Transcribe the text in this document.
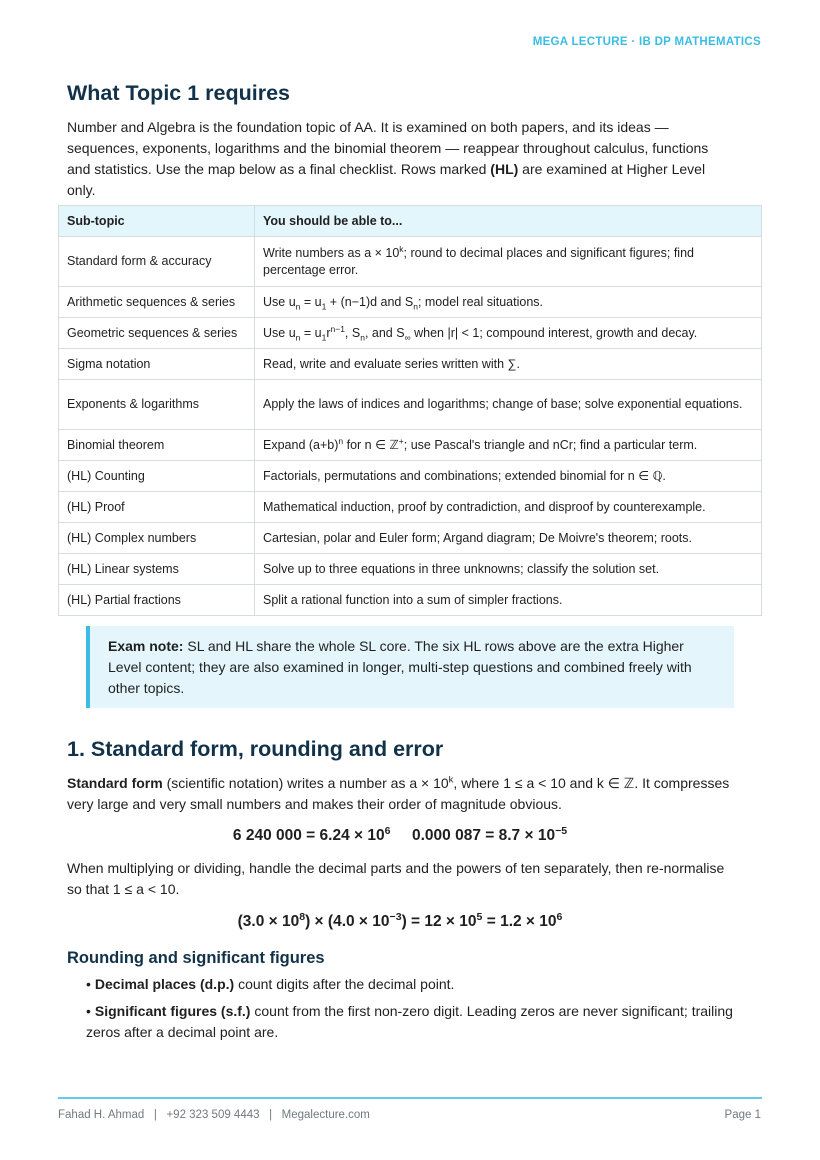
MEGA LECTURE · IB DP MATHEMATICS
What Topic 1 requires

Number and Algebra is the foundation topic of AA. It is examined on both papers, and its ideas — sequences, exponents, logarithms and the binomial theorem — reappear throughout calculus, functions and statistics. Use the map below as a final checklist. Rows marked (HL) are examined at Higher Level only.

Sub-topic	You should be able to...
Standard form & accuracy	Write numbers as $a \times 10^k$; round to decimal places and significant figures; find percentage error.
Arithmetic sequences & series	Use $u_n = u_1 + (n-1)d$ and $S_n$; model real situations.
Geometric sequences & series	Use $u_n = u_1r^{n-1}$, $S_n$, and $S_\infty$ when |r| < 1; compound interest, growth and decay.
Sigma notation	Read, write and evaluate series written with ∑.
Exponents & logarithms	Apply the laws of indices and logarithms; change of base; solve exponential equations.
Binomial theorem	Expand $(a+b)^n$ for n ∈ ℤ+; use Pascal's triangle and nCr; find a particular term.
(HL) Counting	Factorials, permutations and combinations; extended binomial for n ∈ ℚ.
(HL) Proof	Mathematical induction, proof by contradiction, and disproof by counterexample.
(HL) Complex numbers	Cartesian, polar and Euler form; Argand diagram; De Moivre's theorem; roots.
(HL) Linear systems	Solve up to three equations in three unknowns; classify the solution set.
(HL) Partial fractions	Split a rational function into a sum of simpler fractions.
Exam note: SL and HL share the whole SL core. The six HL rows above are the extra Higher Level content; they are also examined in longer, multi-step questions and combined freely with other topics.
1. Standard form, rounding and error

Standard form (scientific notation) writes a number as $a \times 10^k$, where 1 ≤ a < 10 and k ∈ ℤ. It compresses very large and very small numbers and makes their order of magnitude obvious.

6 240 $000 = 6.24 \times 10^6$     0.000 $087 = 8.7 \times 10^{-5}$

When multiplying or dividing, handle the decimal parts and the powers of ten separately, then re-normalise so that 1 ≤ a < 10.

$(3.0 \times 10^8) \times (4.0 \times 10^{-3}) = 12 \times 10^5 = 1.2 \times 10^6$
Rounding and significant figures
• Decimal places (d.p.) count digits after the decimal point.
• Significant figures (s.f.) count from the first non-zero digit. Leading zeros are never significant; trailing zeros after a decimal point are.
Fahad H. Ahmad   |   +92 323 509 4443   |   Megalecture.com	Page 1
